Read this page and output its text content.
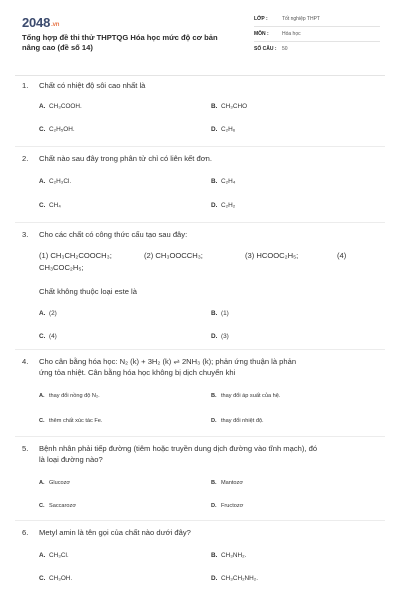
2048.vn
Tổng hợp đề thi thử THPTQG Hóa học mức độ cơ bản nâng cao (đề số 14)
LỚP :	Tốt nghiệp THPT
MÔN :	Hóa học
SỐ CÂU : 50
1.	Chất có nhiệt độ sôi cao nhất là
A. CH₃COOH.	B. CH₃CHO
C. C₂H₅OH.	D. C₂H₆
2.	Chất nào sau đây trong phân tử chỉ có liên kết đơn.
A. C₂H₃Cl.	B. C₂H₄
C. CH₄	D. C₂H₂
3.	Cho các chất có công thức cấu tạo sau đây:
(1) CH₃CH₂COOCH₃;	(2) CH₃OOCCH₃;	(3) HCOOC₂H₅;	(4)
CH₃COC₂H₅;
Chất không thuộc loại este là
A. (2)	B. (1)
C. (4)	D. (3)
4.	Cho cân bằng hóa học: N₂ (k) + 3H₂ (k) ⇌ 2NH₃ (k); phản ứng thuận là phản
ứng tỏa nhiệt. Cân bằng hóa học không bị dịch chuyển khi
A. thay đổi nồng độ N₂.	B. thay đổi áp suất của hệ.
C. thêm chất xúc tác Fe.	D. thay đổi nhiệt độ.
5.	Bệnh nhân phải tiếp đường (tiêm hoặc truyền dung dịch đường vào tĩnh mạch), đó
là loại đường nào?
A. Glucozơ	B. Mantozơ
C. Saccarozơ	D. Fructozơ
6.	Metyl amin là tên gọi của chất nào dưới đây?
A. CH₃Cl.	B. CH₃NH₂.
C. CH₃OH.	D. CH₃CH₂NH₂.
